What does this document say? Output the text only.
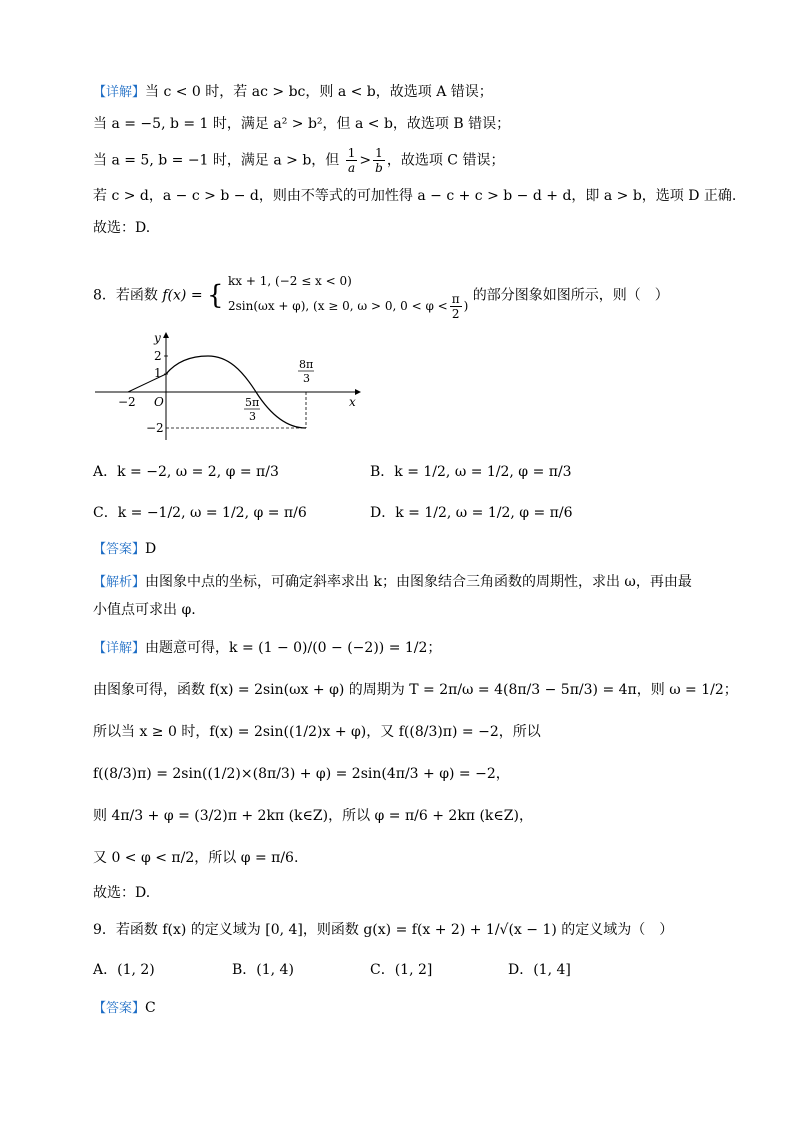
【详解】当 c < 0 时，若 ac > bc，则 a < b，故选项 A 错误；
当 a = −5, b = 1 时，满足 a² > b²，但 a < b，故选项 B 错误；
当 a = 5, b = −1 时，满足 a > b，但 $\frac{1}{a} > \frac{1}{b}$ ，故选项 C 错误；
若 c > d，a − c > b − d，则由不等式的可加性得 a − c + c > b − d + d，即 a > b，选项 D 正确.
故选：D.
8．若函数 f(x) = { kx + 1, (−2 ≤ x < 0)
2sin(ωx + φ), (x ≥ 0, ω > 0, $0 < \varphi < \frac{\pi}{2}$ )
的部分图象如图所示，则（　）
y
x
2
1
−2
−2 O	5π
3
8π
3
A．k = −2, ω = 2, φ = π/3	B．k = 1/2, ω = 1/2, φ = π/3
C．k = −1/2, ω = 1/2, φ = π/6	D．k = 1/2, ω = 1/2, φ = π/6
【答案】D
【解析】由图象中点的坐标，可确定斜率求出 k；由图象结合三角函数的周期性，求出 ω，再由最
小值点可求出 φ.
【详解】由题意可得，k = (1 − 0)/(0 − (−2)) = 1/2；
由图象可得，函数 f(x) = 2sin(ωx + φ) 的周期为 T = 2π/ω = 4(8π/3 − 5π/3) = 4π，则 ω = 1/2；
所以当 x ≥ 0 时，f(x) = 2sin((1/2)x + φ)，又 f((8/3)π) = −2，所以
f((8/3)π) = 2sin((1/2)×(8π/3) + φ) = 2sin(4π/3 + φ) = −2，
则 4π/3 + φ = (3/2)π + 2kπ (k∈Z)，所以 φ = π/6 + 2kπ (k∈Z)，
又 0 < φ < π/2，所以 φ = π/6.
故选：D.
9．若函数 f(x) 的定义域为 [0, 4]，则函数 g(x) = f(x + 2) + 1/√(x − 1) 的定义域为（　）
A．(1, 2)	B．(1, 4)	C．(1, 2]	D．(1, 4]
【答案】C
